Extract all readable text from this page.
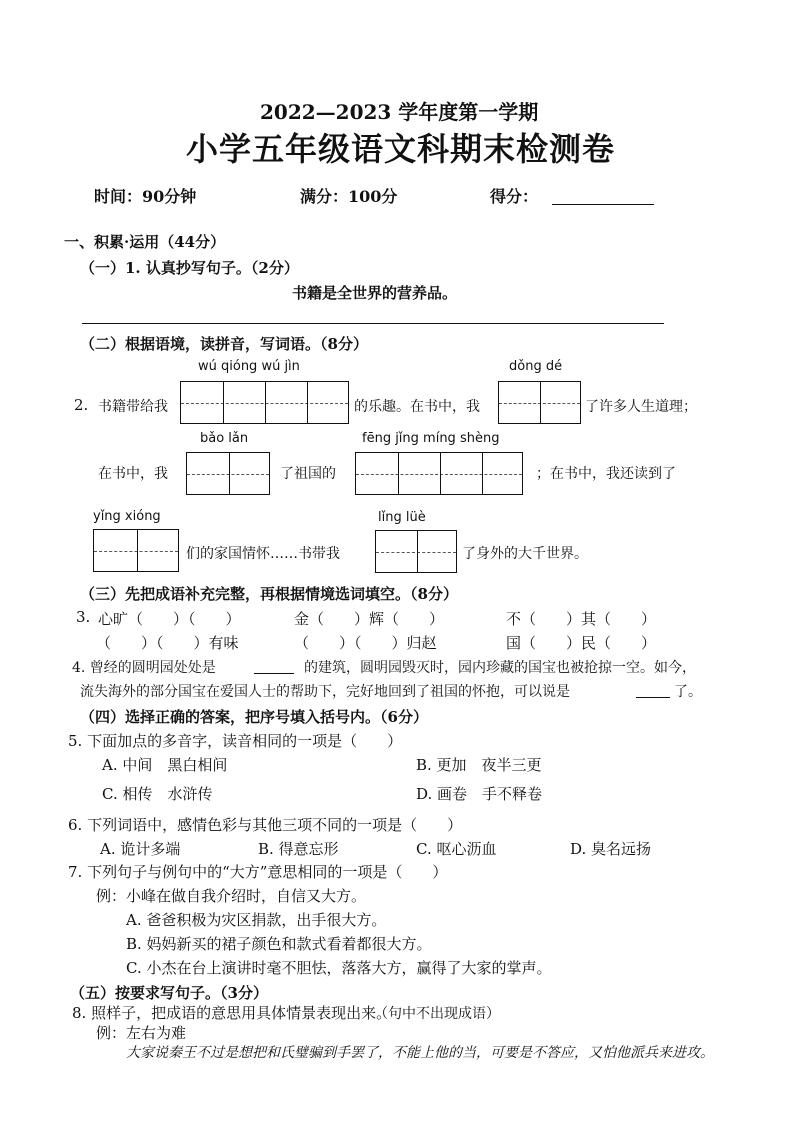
2022—2023 学年度第一学期
小学五年级语文科期末检测卷
时间：90分钟	满分：100分	得分：
一、积累·运用（44分）
（一）1. 认真抄写句子。（2分）
书籍是全世界的营养品。
（二）根据语境，读拼音，写词语。（8分）
wú qióng wú jìn	dǒng dé
2. 书籍带给我	的乐趣。在书中，我	了许多人生道理；
bǎo lǎn	fēng jǐng míng shèng
在书中，我	了祖国的	；在书中，我还读到了
yǐng xióng	lǐng lüè
们的家国情怀……书带我	了身外的大千世界。
（三）先把成语补充完整，再根据情境选词填空。（8分）
3. 心旷（　　）（　　）	金（　　）辉（　　）	不（　　）其（　　）
（　　）（　　）有味	（　　）（　　）归赵	国（　　）民（　　）
4. 曾经的圆明园处处是	的建筑，圆明园毁灭时，园内珍藏的国宝也被抢掠一空。如今，
流失海外的部分国宝在爱国人士的帮助下，完好地回到了祖国的怀抱，可以说是	了。
（四）选择正确的答案，把序号填入括号内。（6分）
5. 下面加点的多音字，读音相同的一项是（　　）
A. 中间　黑白相间	B. 更加　夜半三更
C. 相传　水浒传	D. 画卷　手不释卷
6. 下列词语中，感情色彩与其他三项不同的一项是（　　）
A. 诡计多端	B. 得意忘形	C. 呕心沥血	D. 臭名远扬
7. 下列句子与例句中的“大方”意思相同的一项是（　　）
例：小峰在做自我介绍时，自信又大方。
A. 爸爸积极为灾区捐款，出手很大方。
B. 妈妈新买的裙子颜色和款式看着都很大方。
C. 小杰在台上演讲时毫不胆怯，落落大方，赢得了大家的掌声。
（五）按要求写句子。（3分）
8. 照样子，把成语的意思用具体情景表现出来。
（句中不出现成语）
例：左右为难
大家说秦王不过是想把和氏璧骗到手罢了，不能上他的当，可要是不答应，又怕他派兵来进攻。
